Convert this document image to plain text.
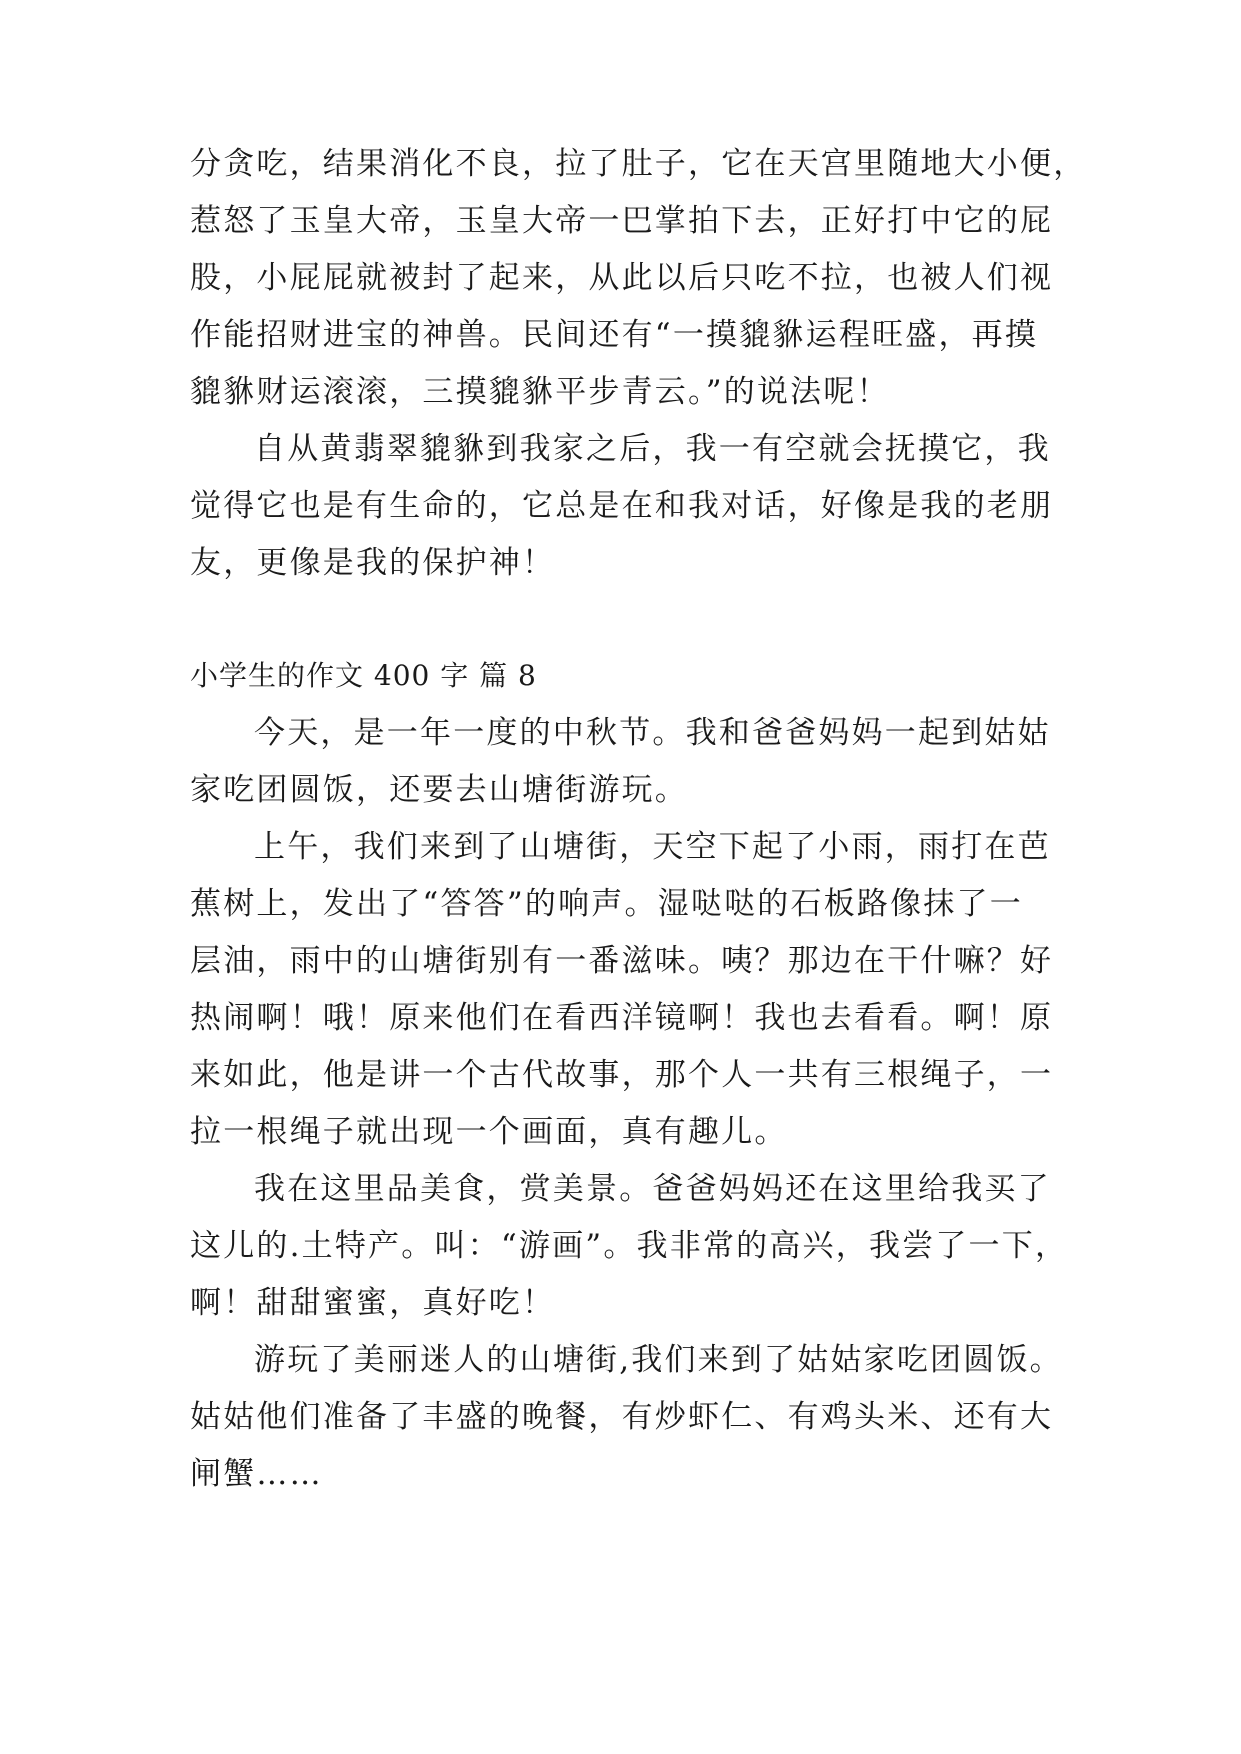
分贪吃，结果消化不良，拉了肚子，它在天宫里随地大小便，
惹怒了玉皇大帝，玉皇大帝一巴掌拍下去，正好打中它的屁
股，小屁屁就被封了起来，从此以后只吃不拉，也被人们视
作能招财进宝的神兽。民间还有“一摸貔貅运程旺盛，再摸
貔貅财运滚滚，三摸貔貅平步青云。”的说法呢！
自从黄翡翠貔貅到我家之后，我一有空就会抚摸它，我
觉得它也是有生命的，它总是在和我对话，好像是我的老朋
友，更像是我的保护神！
小学生的作文 400 字 篇 8
今天，是一年一度的中秋节。我和爸爸妈妈一起到姑姑
家吃团圆饭，还要去山塘街游玩。
上午，我们来到了山塘街，天空下起了小雨，雨打在芭
蕉树上，发出了“答答”的响声。湿哒哒的石板路像抹了一
层油，雨中的山塘街别有一番滋味。咦？那边在干什嘛？好
热闹啊！哦！原来他们在看西洋镜啊！我也去看看。啊！原
来如此，他是讲一个古代故事，那个人一共有三根绳子，一
拉一根绳子就出现一个画面，真有趣儿。
我在这里品美食，赏美景。爸爸妈妈还在这里给我买了
这儿的.土特产。叫：“游画”。我非常的高兴，我尝了一下，
啊！甜甜蜜蜜，真好吃！
游玩了美丽迷人的山塘街,我们来到了姑姑家吃团圆饭。
姑姑他们准备了丰盛的晚餐，有炒虾仁、有鸡头米、还有大
闸蟹……
